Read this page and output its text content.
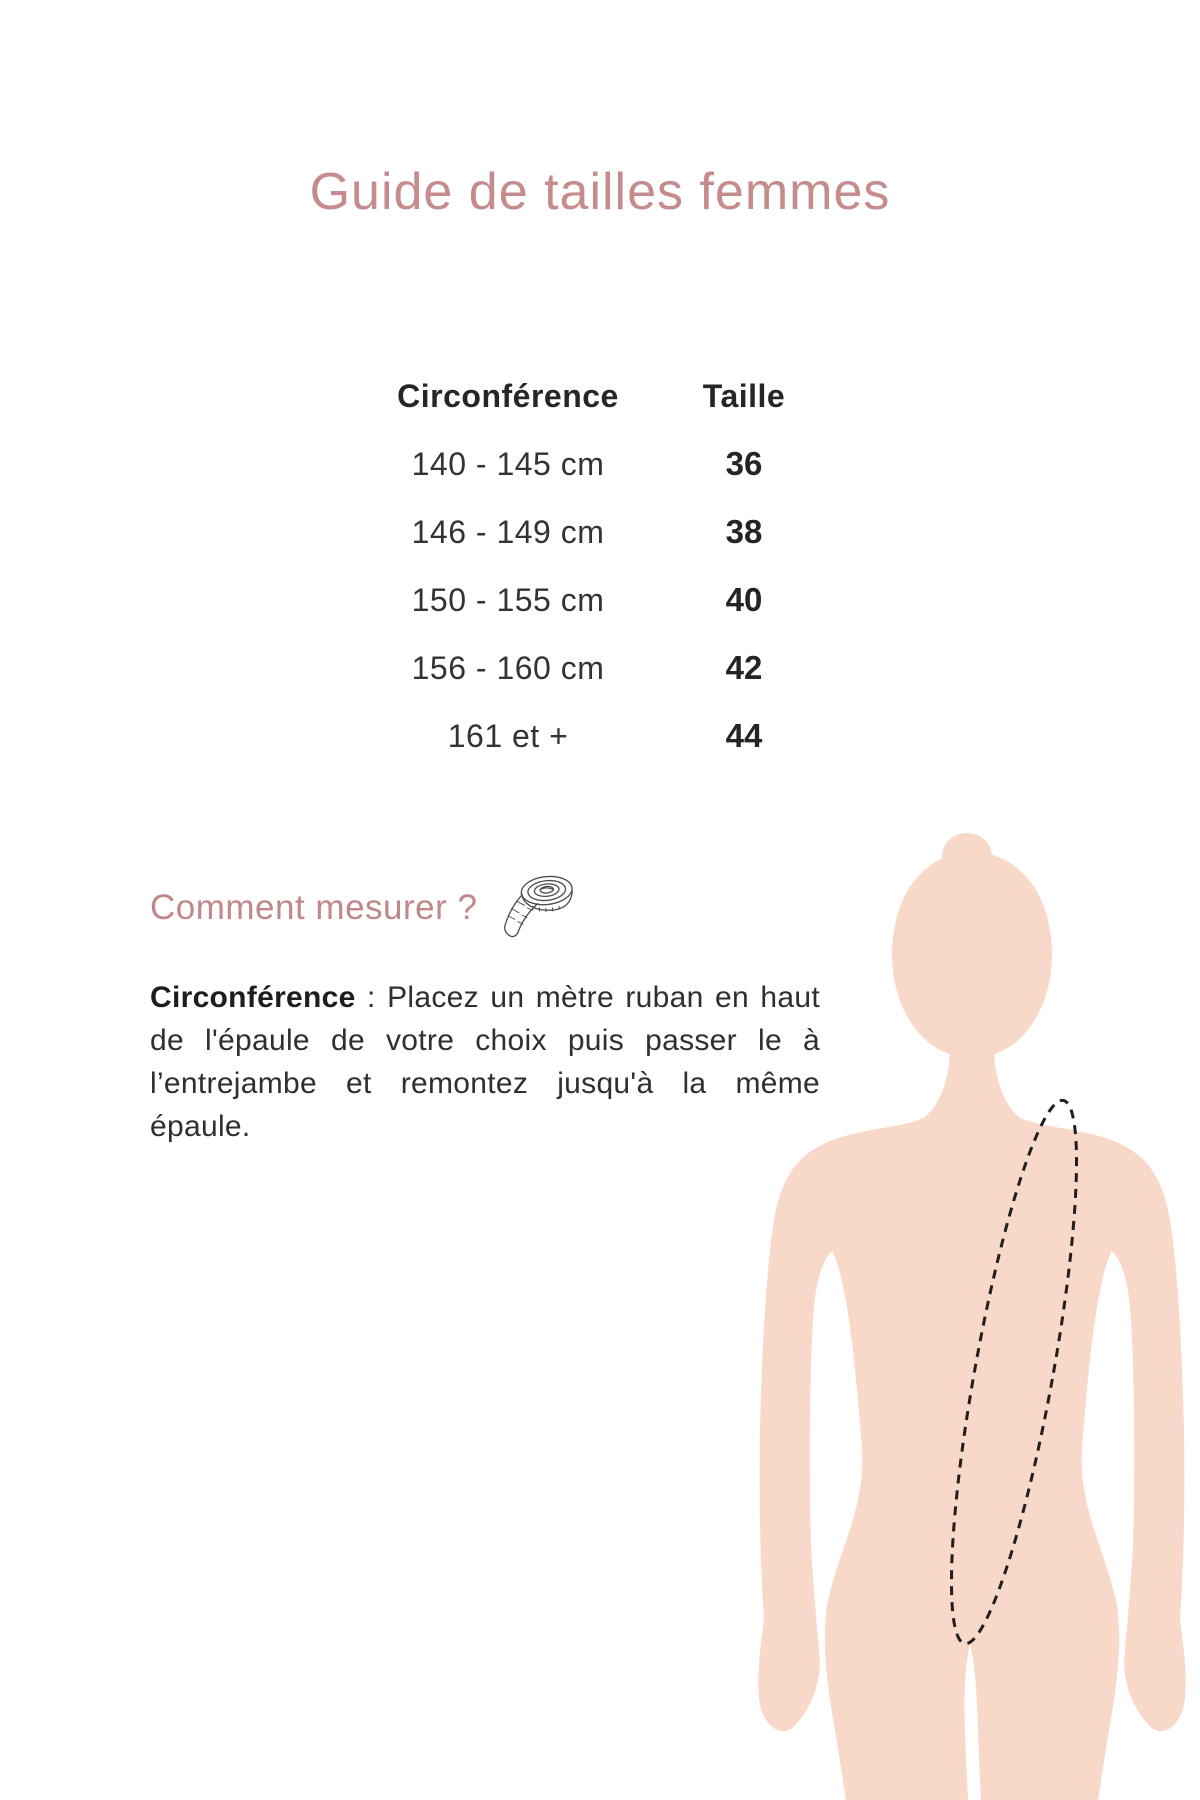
Guide de tailles femmes
Circonférence	Taille
140 - 145 cm	36
146 - 149 cm	38
150 - 155 cm	40
156 - 160 cm	42
161 et +	44
Comment mesurer ?
Circonférence : Placez un mètre ruban en haut de l'épaule de votre choix puis passer le à l’entrejambe et remontez jusqu'à la même épaule.
